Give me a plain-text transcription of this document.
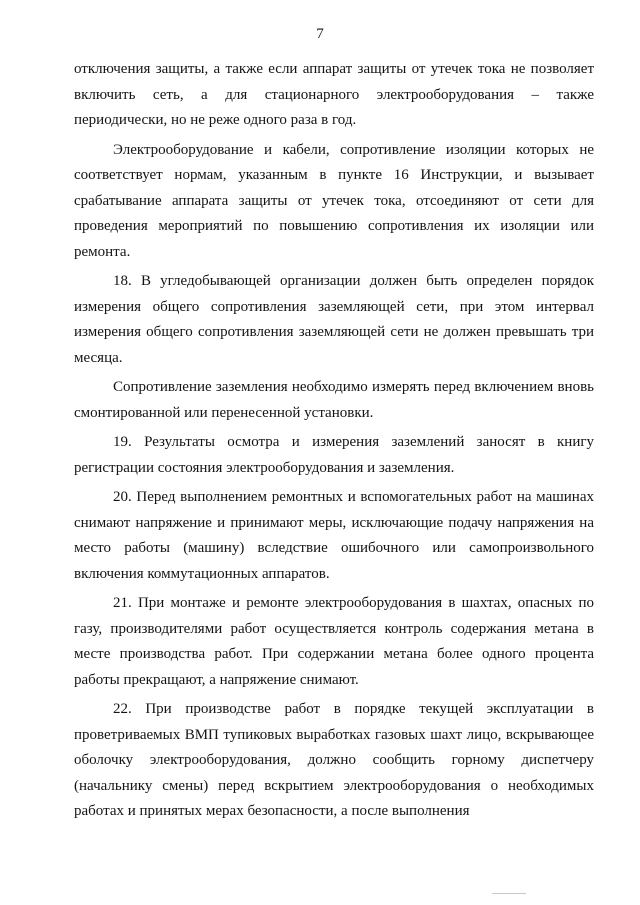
7

отключения защиты, а также если аппарат защиты от утечек тока не позволяет включить сеть, а для стационарного электрооборудования – также периодически, но не реже одного раза в год.

Электрооборудование и кабели, сопротивление изоляции которых не соответствует нормам, указанным в пункте 16 Инструкции, и вызывает срабатывание аппарата защиты от утечек тока, отсоединяют от сети для проведения мероприятий по повышению сопротивления их изоляции или ремонта.

18. В угледобывающей организации должен быть определен порядок измерения общего сопротивления заземляющей сети, при этом интервал измерения общего сопротивления заземляющей сети не должен превышать три месяца.

Сопротивление заземления необходимо измерять перед включением вновь смонтированной или перенесенной установки.

19. Результаты осмотра и измерения заземлений заносят в книгу регистрации состояния электрооборудования и заземления.

20. Перед выполнением ремонтных и вспомогательных работ на машинах снимают напряжение и принимают меры, исключающие подачу напряжения на место работы (машину) вследствие ошибочного или самопроизвольного включения коммутационных аппаратов.

21. При монтаже и ремонте электрооборудования в шахтах, опасных по газу, производителями работ осуществляется контроль содержания метана в месте производства работ. При содержании метана более одного процента работы прекращают, а напряжение снимают.

22. При производстве работ в порядке текущей эксплуатации в проветриваемых ВМП тупиковых выработках газовых шахт лицо, вскрывающее оболочку электрооборудования, должно сообщить горному диспетчеру (начальнику смены) перед вскрытием электрооборудования о необходимых работах и принятых мерах безопасности, а после выполнения
